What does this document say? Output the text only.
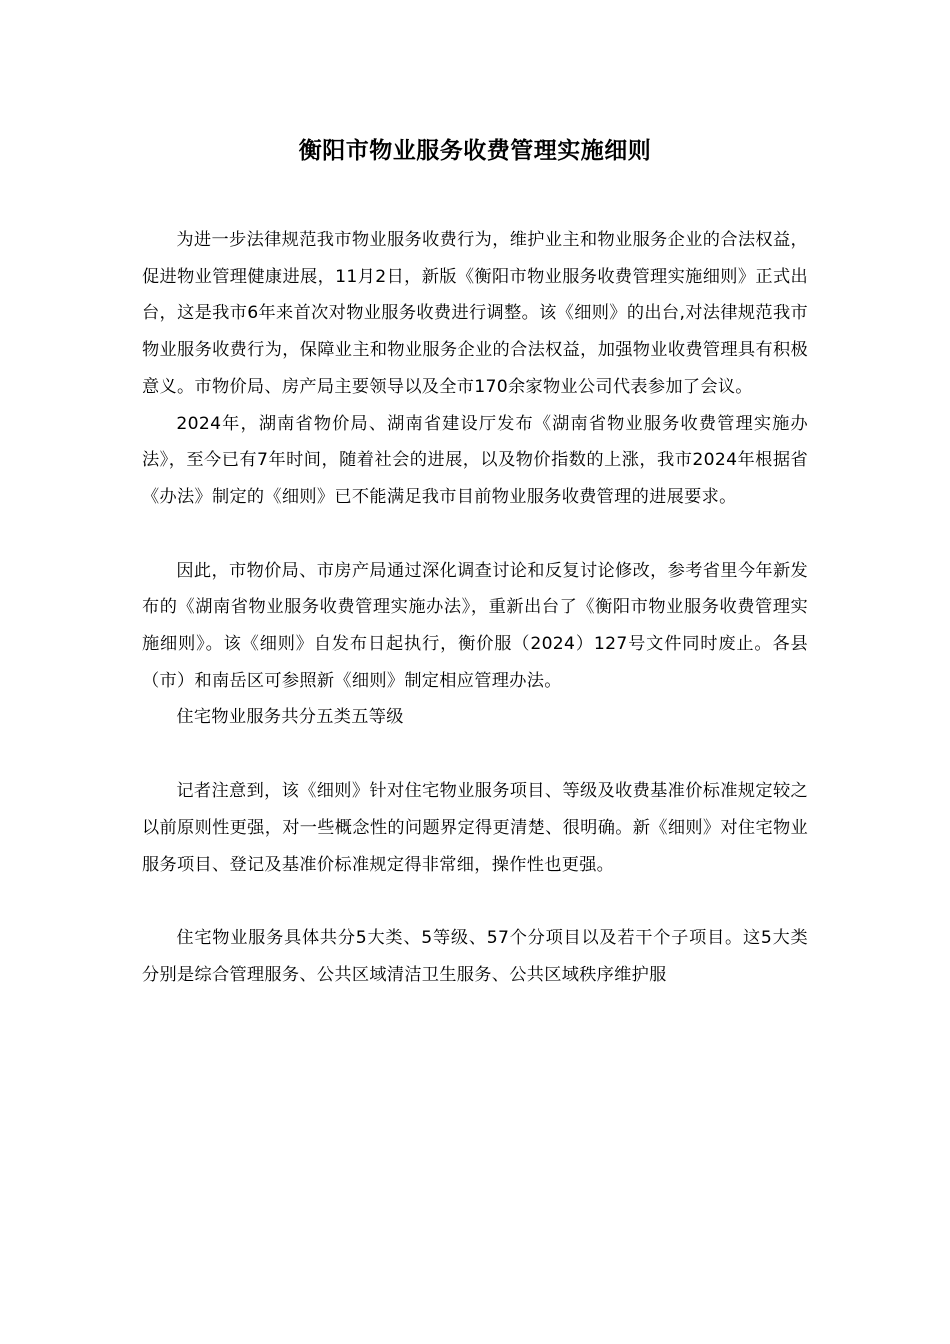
衡阳市物业服务收费管理实施细则

为进一步法律规范我市物业服务收费行为，维护业主和物业服务企业的合法权益，促进物业管理健康进展，11月2日，新版《衡阳市物业服务收费管理实施细则》正式出台，这是我市6年来首次对物业服务收费进行调整。该《细则》的出台,对法律规范我市物业服务收费行为，保障业主和物业服务企业的合法权益，加强物业收费管理具有积极意义。市物价局、房产局主要领导以及全市170余家物业公司代表参加了会议。

2024年，湖南省物价局、湖南省建设厅发布《湖南省物业服务收费管理实施办法》，至今已有7年时间，随着社会的进展，以及物价指数的上涨，我市2024年根据省《办法》制定的《细则》已不能满足我市目前物业服务收费管理的进展要求。

因此，市物价局、市房产局通过深化调查讨论和反复讨论修改，参考省里今年新发布的《湖南省物业服务收费管理实施办法》，重新出台了《衡阳市物业服务收费管理实施细则》。该《细则》自发布日起执行，衡价服（2024）127号文件同时废止。各县（市）和南岳区可参照新《细则》制定相应管理办法。

住宅物业服务共分五类五等级

记者注意到，该《细则》针对住宅物业服务项目、等级及收费基准价标准规定较之以前原则性更强，对一些概念性的问题界定得更清楚、很明确。新《细则》对住宅物业服务项目、登记及基准价标准规定得非常细，操作性也更强。

住宅物业服务具体共分5大类、5等级、57个分项目以及若干个子项目。这5大类分别是综合管理服务、公共区域清洁卫生服务、公共区域秩序维护服
